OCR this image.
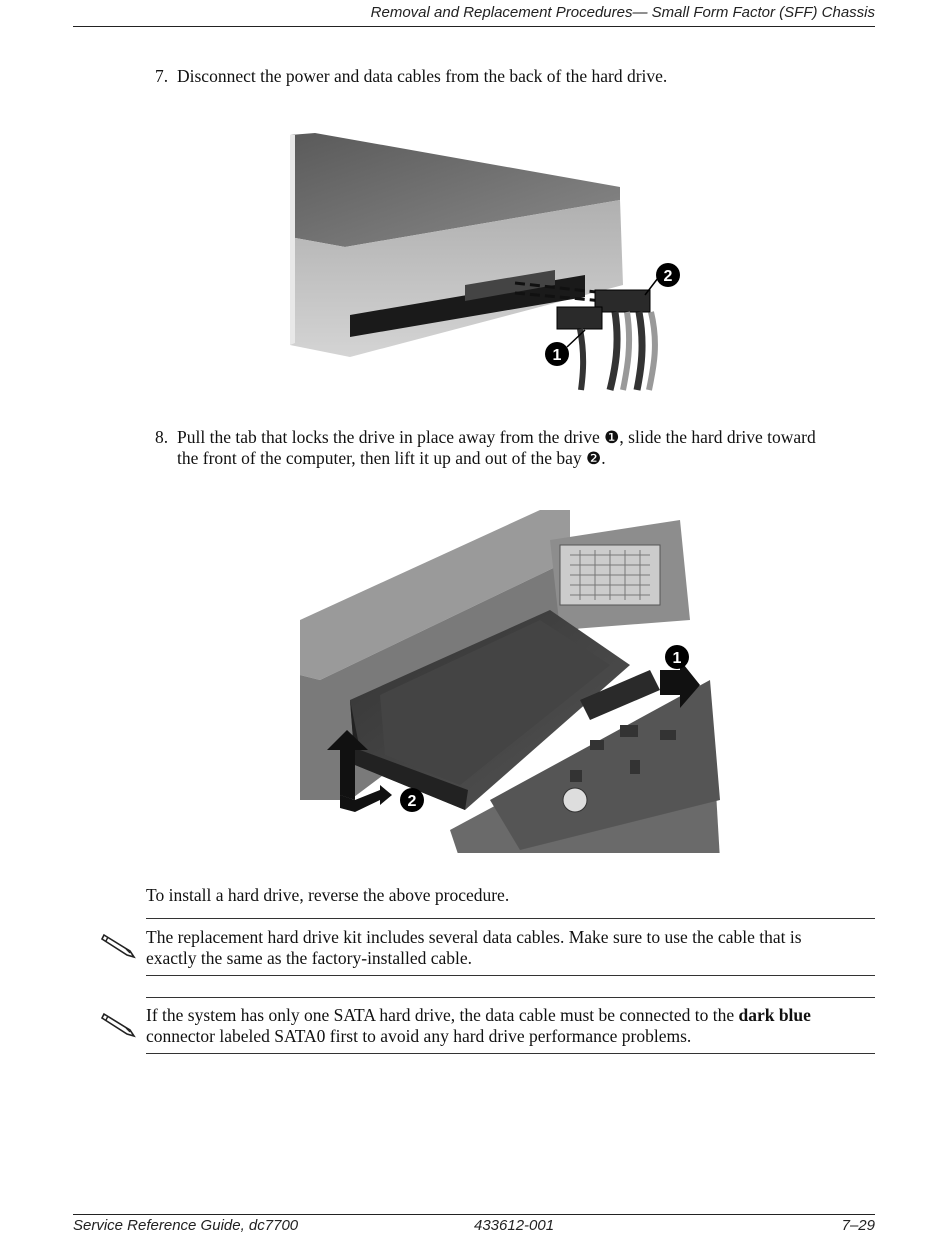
Removal and Replacement Procedures— Small Form Factor (SFF) Chassis
7. Disconnect the power and data cables from the back of the hard drive.
2
1
8. Pull the tab that locks the drive in place away from the drive ❶, slide the hard drive toward
the front of the computer, then lift it up and out of the bay ❷.
1
2
To install a hard drive, reverse the above procedure.
The replacement hard drive kit includes several data cables. Make sure to use the cable that is
exactly the same as the factory-installed cable.
If the system has only one SATA hard drive, the data cable must be connected to the dark blue
connector labeled SATA0 first to avoid any hard drive performance problems.
Service Reference Guide, dc7700	433612-001	7–29
